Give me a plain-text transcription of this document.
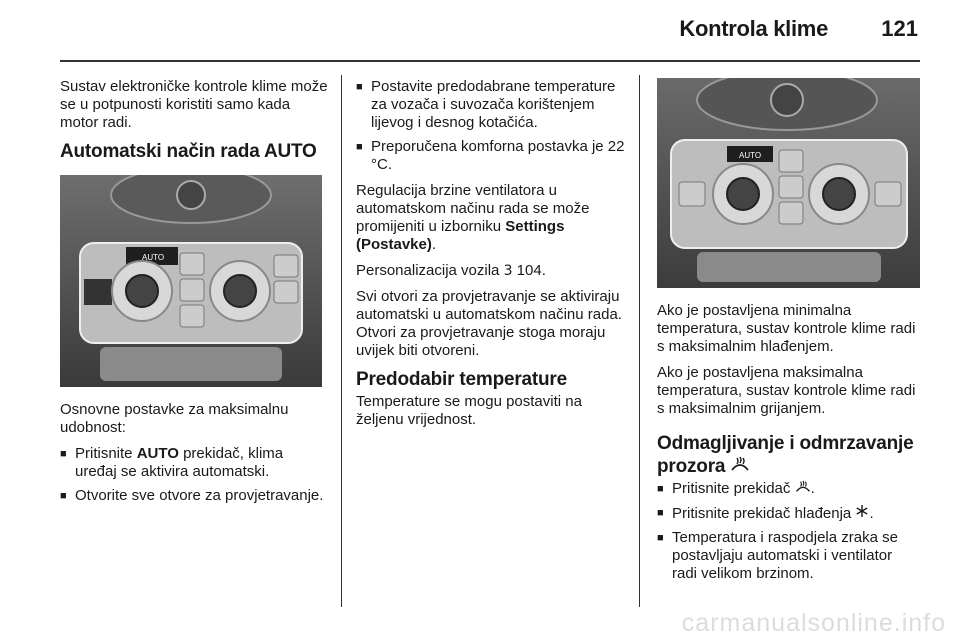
Kontrola klime 121

Sustav elektroničke kontrole klime može se u potpunosti koristiti samo kada motor radi.

Automatski način rada AUTO
AUTO

Osnovne postavke za maksimalnu udobnost:

■ Pritisnite AUTO prekidač, klima uređaj se aktivira automatski.
■ Otvorite sve otvore za provjetravanje.
■ Postavite predodabrane temperature za vozača i suvozača korištenjem lijevog i desnog kotačića.
■ Preporučena komforna postavka je 22 °C.

Regulacija brzine ventilatora u automatskom načinu rada se može promijeniti u izborniku Settings (Postavke).

Personalizacija vozila 3 104.

Svi otvori za provjetravanje se aktiviraju automatski u automatskom načinu rada. Otvori za provjetravanje stoga moraju uvijek biti otvoreni.

Predodabir temperature

Temperature se mogu postaviti na željenu vrijednost.

AUTO

Ako je postavljena minimalna temperatura, sustav kontrole klime radi s maksimalnim hlađenjem.

Ako je postavljena maksimalna temperatura, sustav kontrole klime radi s maksimalnim grijanjem.

Odmagljivanje i odmrzavanje prozora
■ Pritisnite prekidač .
■ Pritisnite prekidač hlađenja .
■ Temperatura i raspodjela zraka se postavljaju automatski i ventilator radi velikom brzinom.
carmanualsonline.info
